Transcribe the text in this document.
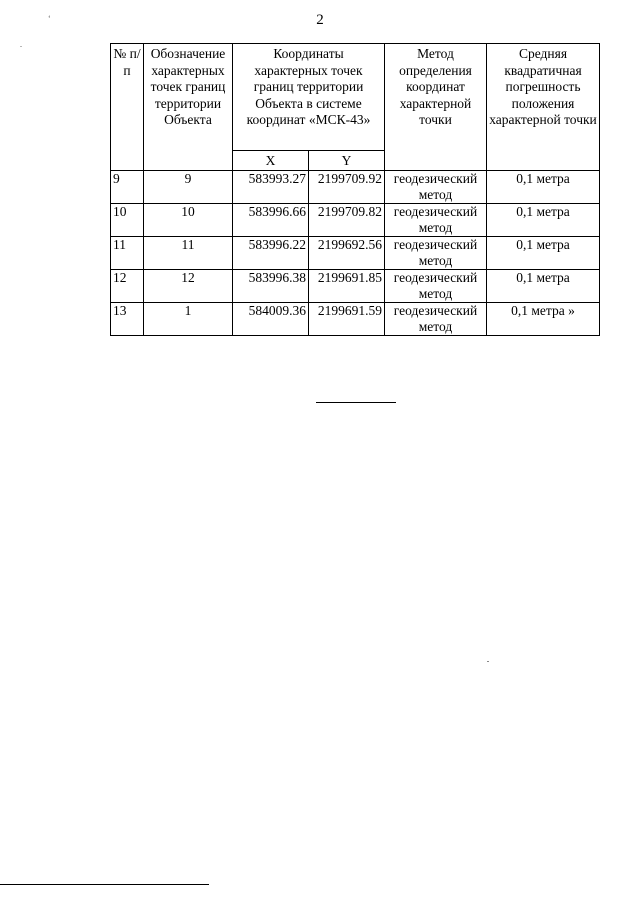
2
‘
.
№ п/п	Обозначение характерных точек границ территории Объекта	Координаты характерных точек границ территории Объекта в системе координат «МСК-43»		Метод определения координат характерной точки	Средняя квадратичная погрешность положения характерной точки
		X	Y		
9	9	583993.27	2199709.92	геодезический метод	0,1 метра
10	10	583996.66	2199709.82	геодезический метод	0,1 метра
11	11	583996.22	2199692.56	геодезический метод	0,1 метра
12	12	583996.38	2199691.85	геодезический метод	0,1 метра
13	1	584009.36	2199691.59	геодезический метод	0,1 метра »
